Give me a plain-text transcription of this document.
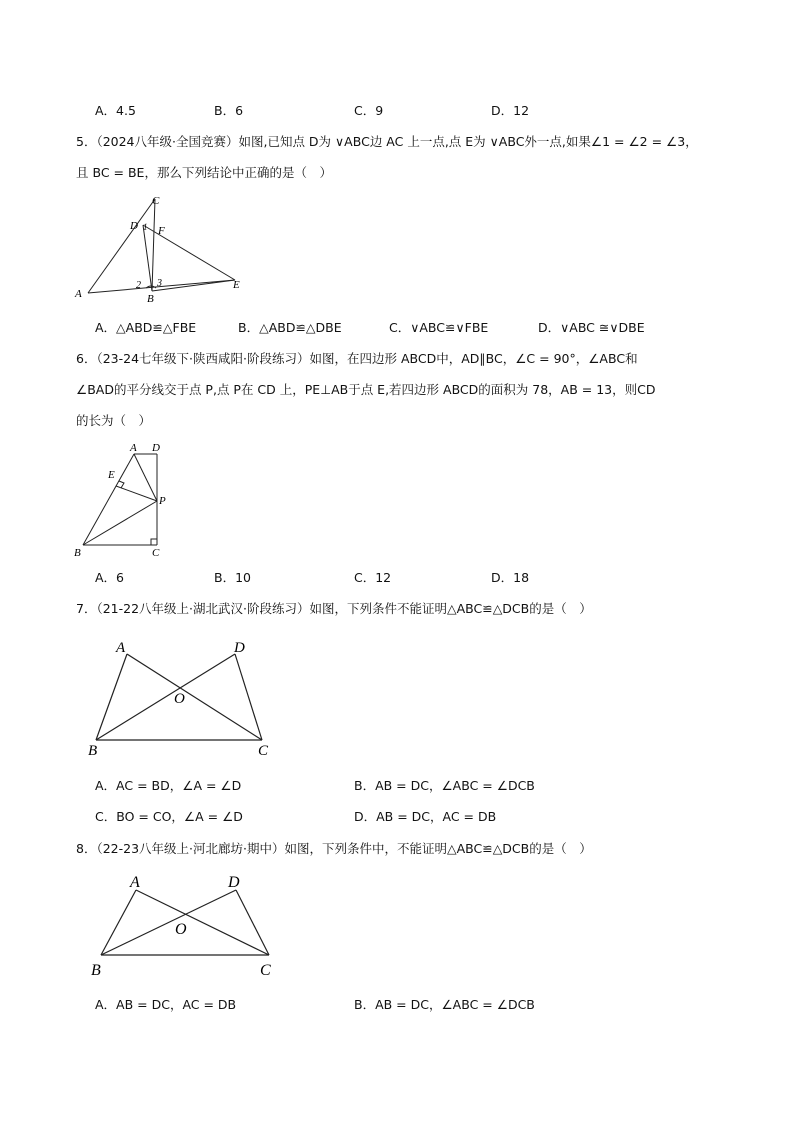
A．4.5	B．6	C．9	D．12
5．（2024八年级·全国竞赛）如图,已知点 D为 ∨ABC边 AC 上一点,点 E为 ∨ABC外一点,如果∠1 = ∠2 = ∠3，
且 BC = BE，那么下列结论中正确的是（　）
C
D 1 F
A
2 3
B
E
A．△ABD≌△FBE	B．△ABD≌△DBE	C．∨ABC≌∨FBE	D．∨ABC ≅∨DBE
6．（23-24七年级下·陕西咸阳·阶段练习）如图，在四边形 ABCD中，AD∥BC，∠C = 90°，∠ABC和
∠BAD的平分线交于点 P,点 P在 CD 上，PE⊥AB于点 E,若四边形 ABCD的面积为 78，AB = 13，则CD
的长为（　）
A D
E
P
B	C
A．6	B．10	C．12	D．18
7．（21-22八年级上·湖北武汉·阶段练习）如图，下列条件不能证明△ABC≌△DCB的是（　）
A	D
O
B	C
A．AC = BD，∠A = ∠D	B．AB = DC，∠ABC = ∠DCB
C．BO = CO，∠A = ∠D	D．AB = DC，AC = DB
8．（22-23八年级上·河北廊坊·期中）如图，下列条件中，不能证明△ABC≌△DCB的是（　）
A	D
O
B	C
A．AB = DC，AC = DB	B．AB = DC，∠ABC = ∠DCB
